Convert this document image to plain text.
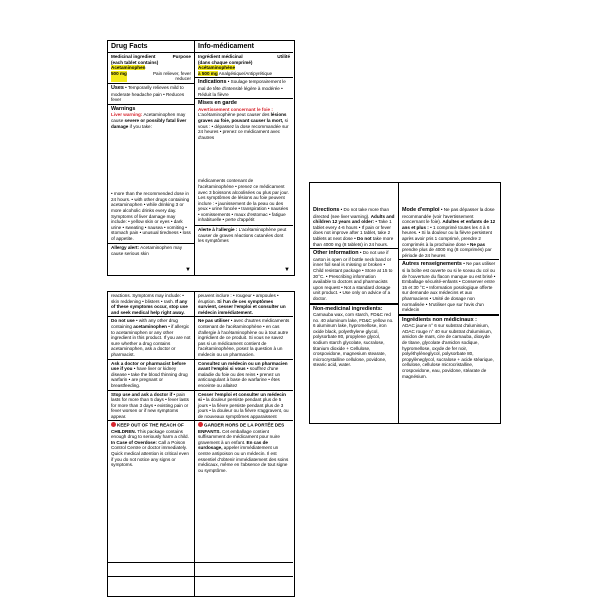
Drug Facts
Medicinal ingredient	Purpose
(each tablet contains)
Acetaminophen
500 mg	Pain reliever, fever reducer
Uses • Temporarily relieves mild to moderate headache pain • Reduces fever
Warnings
Liver warning: Acetaminophen may cause severe or possibly fatal liver damage if you take:
• more than the recommended dose in 24 hours. • with other drugs containing acetaminophen • while drinking 3 or more alcoholic drinks every day. Symptoms of liver damage may include: • yellow skin or eyes • dark urine • sweating • nausea • vomiting • stomach pain • unusual tiredness • loss of appetite.
Allergy alert: Acetaminophen may cause serious skin
▼
Info-médicament
Ingrédient médicinal	Utilité
(dans chaque comprimé)
Acétaminophène
à 500 mg Analgésique/Antipyrétique
Indications • Soulage temporairement le mal de tête d'intensité légère à modérée • Réduit la fièvre
Mises en garde
Avertissement concernant le foie : L'acétaminophène peut causer des lésions graves au foie, pouvant causer la mort, si vous : • dépassez la dose recommandée sur 24 heures • prenez ce médicament avec d'autres
médicaments contenant de l'acétaminophène • prenez ce médicament avec 3 boissons alcoolisées ou plus par jour. Les symptômes de lésions au foie peuvent inclure : • jaunissement de la peau ou des yeux • urine foncée • transpiration • nausées • vomissements • maux d'estomac • fatigue inhabituelle • perte d'appétit
Alerte à l'allergie : L'acétaminophène peut causer de graves réactions cutanées dont les symptômes
▼
reactions. Symptoms may include: • skin reddening • blisters • rash. If any of these symptoms occur, stop use and seek medical help right away.
Do not use • with any other drug containing acetaminophen • if allergic to acetaminophen or any other ingredient in this product. If you are not sure whether a drug contains acetaminophen, ask a doctor or pharmacist.
Ask a doctor or pharmacist before use if you • have liver or kidney disease • take the blood thinning drug warfarin • are pregnant or breastfeeding.
Stop use and ask a doctor if • pain lasts for more than 5 days • fever lasts for more than 3 days • existing pain or fever worsen or if new symptoms appear.
KEEP OUT OF THE REACH OF CHILDREN. This package contains enough drug to seriously harm a child. In Case of Overdose: Call a Poison Control Centre or doctor immediately. Quick medical attention is critical even if you do not notice any signs or symptoms.
peuvent inclure : • rougeur • ampoules • éruption. Si l'un de ces symptômes survient, cesser l'emploi et consulter un médecin immédiatement.
Ne pas utiliser • avec d'autres médicaments contenant de l'acétaminophène • en cas d'allergie à l'acétaminophène ou à tout autre ingrédient de ce produit. Si vous ne savez pas si un médicament contient de l'acétaminophène, posez la question à un médecin ou un pharmacien.
Consultez un médecin ou un pharmacien avant l'emploi si vous • souffrez d'une maladie du foie ou des reins • prenez un anticoagulant à base de warfarine • êtes enceinte ou allaitez
Cesser l'emploi et consulter un médecin si • la douleur persiste pendant plus de 5 jours • la fièvre persiste pendant plus de 3 jours • la douleur ou la fièvre s'aggravent, ou de nouveaux symptômes apparaissent
GARDER HORS DE LA PORTÉE DES ENFANTS. Cet emballage contient suffisamment de médicament pour nuire gravement à un enfant. En cas de surdosage, appeler immédiatement un centre antipoison ou un médecin. Il est essentiel d'obtenir immédiatement des soins médicaux, même en l'absence de tout signe ou symptôme.
Directions • Do not take more than directed (see liver warning). Adults and children 12 years and older: • Take 1 tablet every 4-6 hours • If pain or fever does not improve after 1 tablet, take 2 tablets at next dose • Do not take more than 4000 mg (8 tablets) in 24 hours.
Other information • Do not use if carton is open or if bottle neck band or inner foil seal is missing or broken • Child resistant package • Store at 15 to 30°C. • Prescribing information available to doctors and pharmacists upon request • Not a standard dosage unit product. • Use only on advice of a doctor.
Non-medicinal ingredients:
Carnauba wax, corn starch, FD&C red no. 40 aluminum lake, FD&C yellow no. 6 aluminum lake, hypromellose, iron oxide black, polyethylene glycol, polysorbate 80, propylene glycol, sodium starch glycolate, sucralose, titanium dioxide + Cellulose, crospovidone, magnesium stearate, microcrystalline cellulose, povidone, stearic acid, water.
Mode d'emploi • Ne pas dépasser la dose recommandée (voir l'avertissement concernant le foie). Adultes et enfants de 12 ans et plus : • 1 comprimé toutes les 4 à 6 heures. • Si la douleur ou la fièvre persistent après avoir pris 1 comprimé, prendre 2 comprimés à la prochaine dose • Ne pas prendre plus de 4000 mg (8 comprimés) par période de 24 heures
Autres renseignements • Ne pas utiliser si la boîte est ouverte ou si le sceau du col ou de l'ouverture du flacon manque ou est brisé • Emballage sécurité-enfants • Conserver entre 15 et 30 °C • Information posologique offerte sur demande aux médecins et aux pharmaciens • Unité de dosage non normalisée • N'utiliser que sur l'avis d'un médecin
Ingrédients non médicinaux :
ADAC jaune n° 6 sur substrat d'aluminium, ADAC rouge n° 40 sur substrat d'aluminium, amidon de maïs, cire de carnauba, dioxyde de titane, glycolate d'amidon sodique, hypromellose, oxyde de fer noir, polyéthylèneglycol, polysorbate 80, propylèneglycol, sucralose + acide stéarique, cellulose, cellulose microcristalline, crospovidone, eau, povidone, stéarate de magnésium.
